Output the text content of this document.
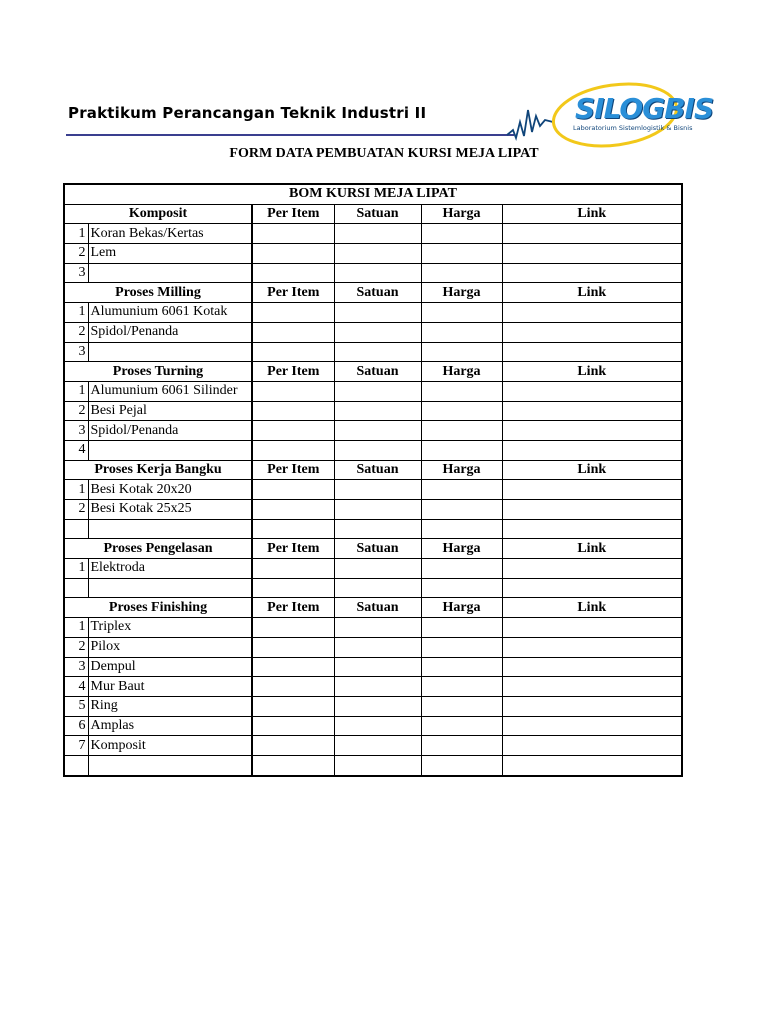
Praktikum Perancangan Teknik Industri II	SILOGBIS
Laboratorium Sistemlogistik & Bisnis
FORM DATA PEMBUATAN KURSI MEJA LIPAT
BOM KURSI MEJA LIPAT					
Komposit		Per Item	Satuan	Harga	Link
1	Koran Bekas/Kertas				
2	Lem				
3					
Proses Milling		Per Item	Satuan	Harga	Link
1	Alumunium 6061 Kotak				
2	Spidol/Penanda				
3					
Proses Turning		Per Item	Satuan	Harga	Link
1	Alumunium 6061 Silinder				
2	Besi Pejal				
3	Spidol/Penanda				
4					
Proses Kerja Bangku		Per Item	Satuan	Harga	Link
1	Besi Kotak 20x20				
2	Besi Kotak 25x25				

Proses Pengelasan		Per Item	Satuan	Harga	Link
1	Elektroda				

Proses Finishing		Per Item	Satuan	Harga	Link
1	Triplex				
2	Pilox				
3	Dempul				
4	Mur Baut				
5	Ring				
6	Amplas				
7	Komposit				
